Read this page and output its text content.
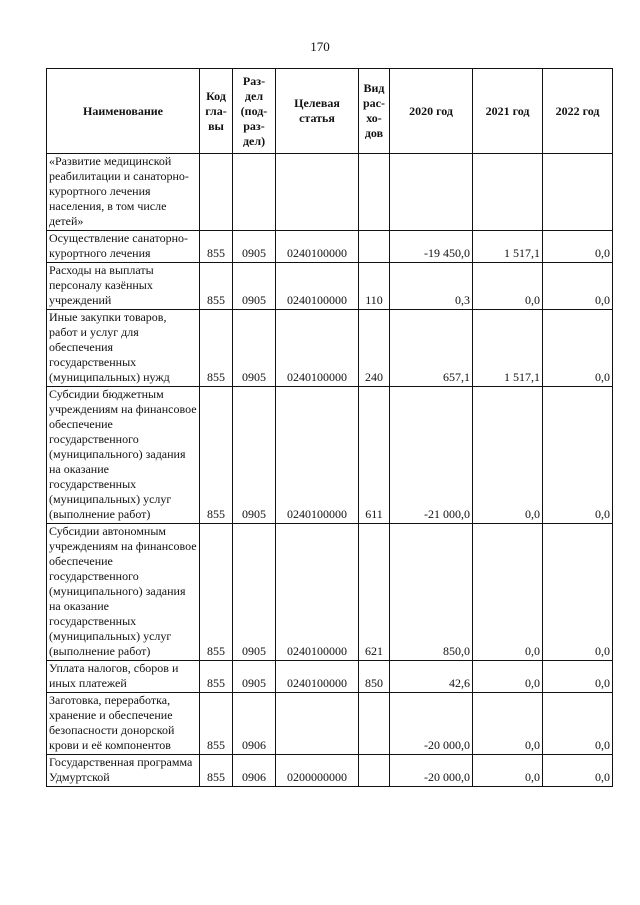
170
Наименование	Код гла- вы	Раз- дел (под- раз- дел)	Целевая статья	Вид рас- хо- дов	2020 год	2021 год	2022 год
«Развитие медицинской реабилитации и санаторно-курортного лечения населения, в том числе детей»							
Осуществление санаторно-курортного лечения	855	0905	0240100000		-19 450,0	1 517,1	0,0
Расходы на выплаты персоналу казённых учреждений	855	0905	0240100000	110	0,3	0,0	0,0
Иные закупки товаров, работ и услуг для обеспечения государственных (муниципальных) нужд	855	0905	0240100000	240	657,1	1 517,1	0,0
Субсидии бюджетным учреждениям на финансовое обеспечение государственного (муниципального) задания на оказание государственных (муниципальных) услуг (выполнение работ)	855	0905	0240100000	611	-21 000,0	0,0	0,0
Субсидии автономным учреждениям на финансовое обеспечение государственного (муниципального) задания на оказание государственных (муниципальных) услуг (выполнение работ)	855	0905	0240100000	621	850,0	0,0	0,0
Уплата налогов, сборов и иных платежей	855	0905	0240100000	850	42,6	0,0	0,0
Заготовка, переработка, хранение и обеспечение безопасности донорской крови и её компонентов	855	0906			-20 000,0	0,0	0,0
Государственная программа Удмуртской	855	0906	0200000000		-20 000,0	0,0	0,0
